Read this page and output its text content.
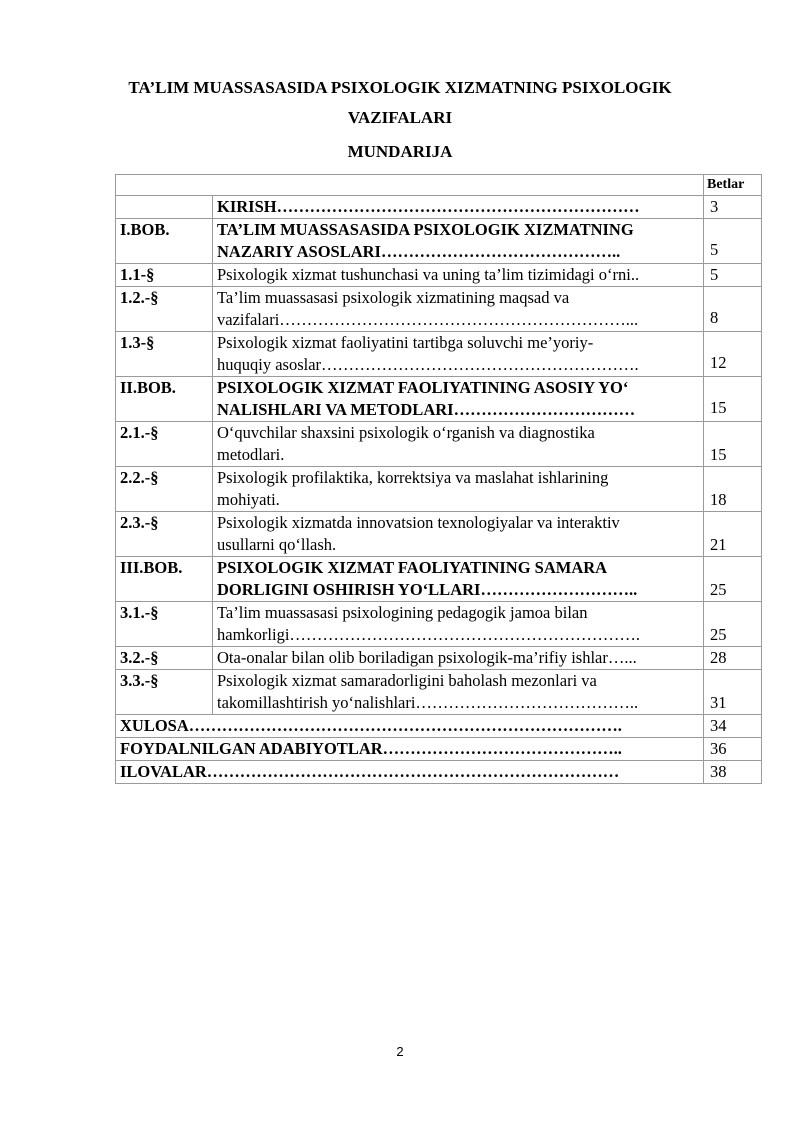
TA’LIM MUASSASASIDA PSIXOLOGIK XIZMATNING PSIXOLOGIK
VAZIFALARI
MUNDARIJA
		Betlar
	KIRISH…………………………………………………………	3
I.BOB.	TA’LIM MUASSASASIDA PSIXOLOGIK XIZMATNING
NAZARIY ASOSLARI……………………………………..	5
1.1-§	Psixologik xizmat tushunchasi va uning ta’lim tizimidagi o‘rni..	5
1.2.-§	Ta’lim muassasasi psixologik xizmatining maqsad va
vazifalari………………………………………………………...	8
1.3-§	Psixologik xizmat faoliyatini tartibga soluvchi me’yoriy-
huquqiy asoslar………………………………………………….	12
II.BOB.	PSIXOLOGIK XIZMAT FAOLIYATINING ASOSIY YO‘
NALISHLARI VA METODLARI……………………………	15
2.1.-§	O‘quvchilar shaxsini psixologik o‘rganish va diagnostika
metodlari.	15
2.2.-§	Psixologik profilaktika, korrektsiya va maslahat ishlarining
mohiyati.	18
2.3.-§	Psixologik xizmatda innovatsion texnologiyalar va interaktiv
usullarni qo‘llash.	21
III.BOB.	PSIXOLOGIK XIZMAT FAOLIYATINING SAMARA
DORLIGINI OSHIRISH YO‘LLARI………………………..	25
3.1.-§	Ta’lim muassasasi psixologining pedagogik jamoa bilan
hamkorligi……………………………………………………….	25
3.2.-§	Ota-onalar bilan olib boriladigan psixologik-ma’rifiy ishlar…...	28
3.3.-§	Psixologik xizmat samaradorligini baholash mezonlari va
takomillashtirish yo‘nalishlari…………………………………..	31
XULOSA…………………………………………………………………….		34
FOYDALNILGAN ADABIYOTLAR……………………………………..		36
ILOVALAR…………………………………………………………………		38
2
